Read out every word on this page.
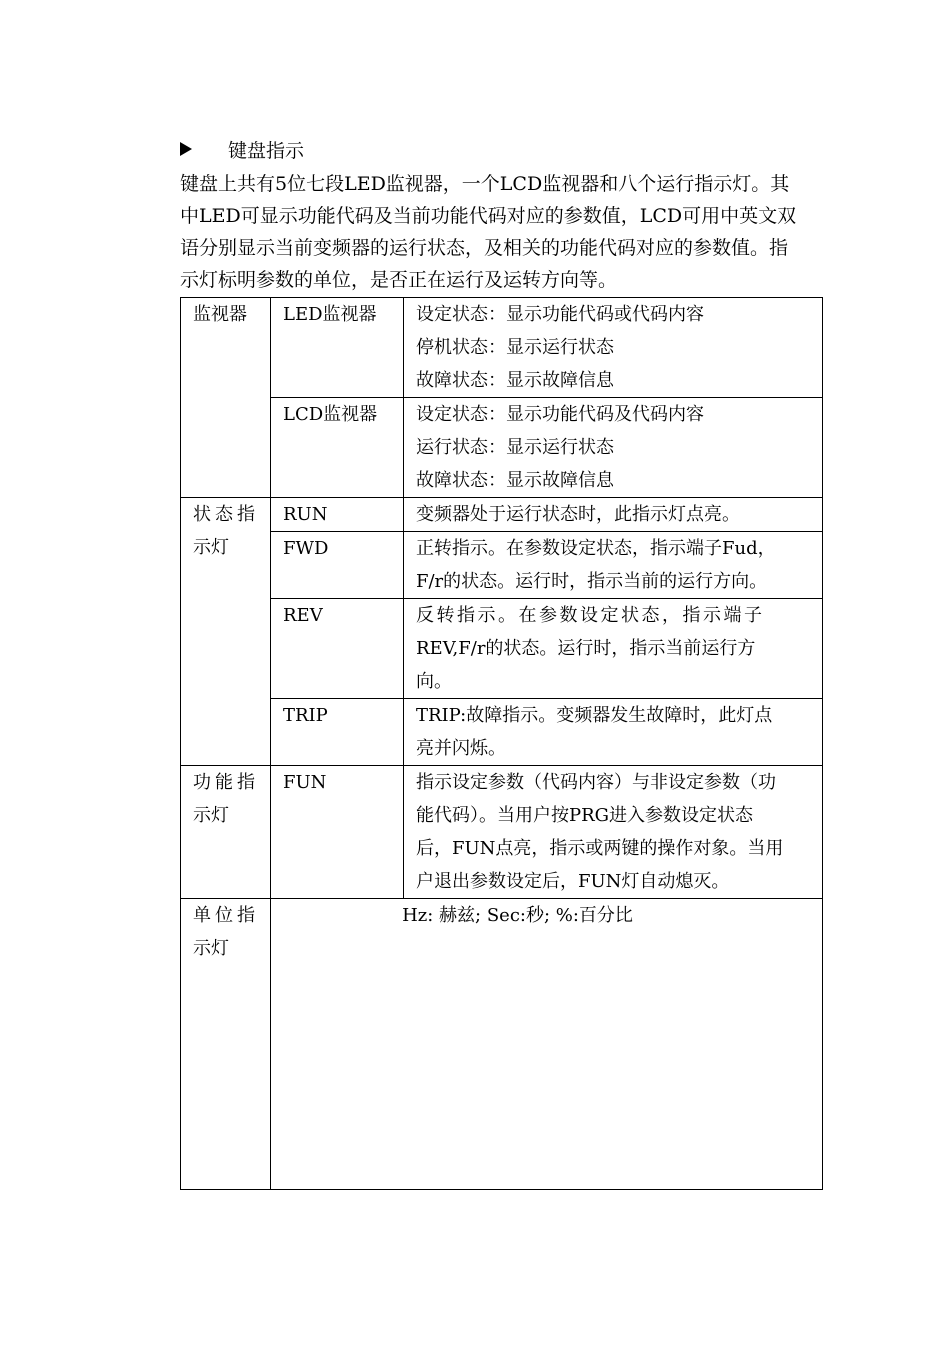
键盘指示

键盘上共有5位七段LED监视器，一个LCD监视器和八个运行指示灯。其

中LED可显示功能代码及当前功能代码对应的参数值，LCD可用中英文双

语分别显示当前变频器的运行状态，及相关的功能代码对应的参数值。指

示灯标明参数的单位，是否正在运行及运转方向等。

监视器	LED监视器	设定状态：显示功能代码或代码内容
停机状态：显示运行状态
故障状态：显示故障信息

	LCD监视器	设定状态：显示功能代码及代码内容
运行状态：显示运行状态
故障状态：显示故障信息

状态指
示灯	RUN	变频器处于运行状态时，此指示灯点亮。

	FWD	正转指示。在参数设定状态，指示端子Fud，
F/r的状态。运行时，指示当前的运行方向。

	REV	反转指示。在参数设定状态，指示端子
REV,F/r的状态。运行时，指示当前运行方
向。

	TRIP	TRIP:故障指示。变频器发生故障时，此灯点
亮并闪烁。

功能指
示灯	FUN	指示设定参数（代码内容）与非设定参数（功
能代码）。当用户按PRG进入参数设定状态
后，FUN点亮，指示或两键的操作对象。当用
户退出参数设定后，FUN灯自动熄灭。

单位指
示灯	Hz: 赫兹; Sec:秒; %:百分比	
